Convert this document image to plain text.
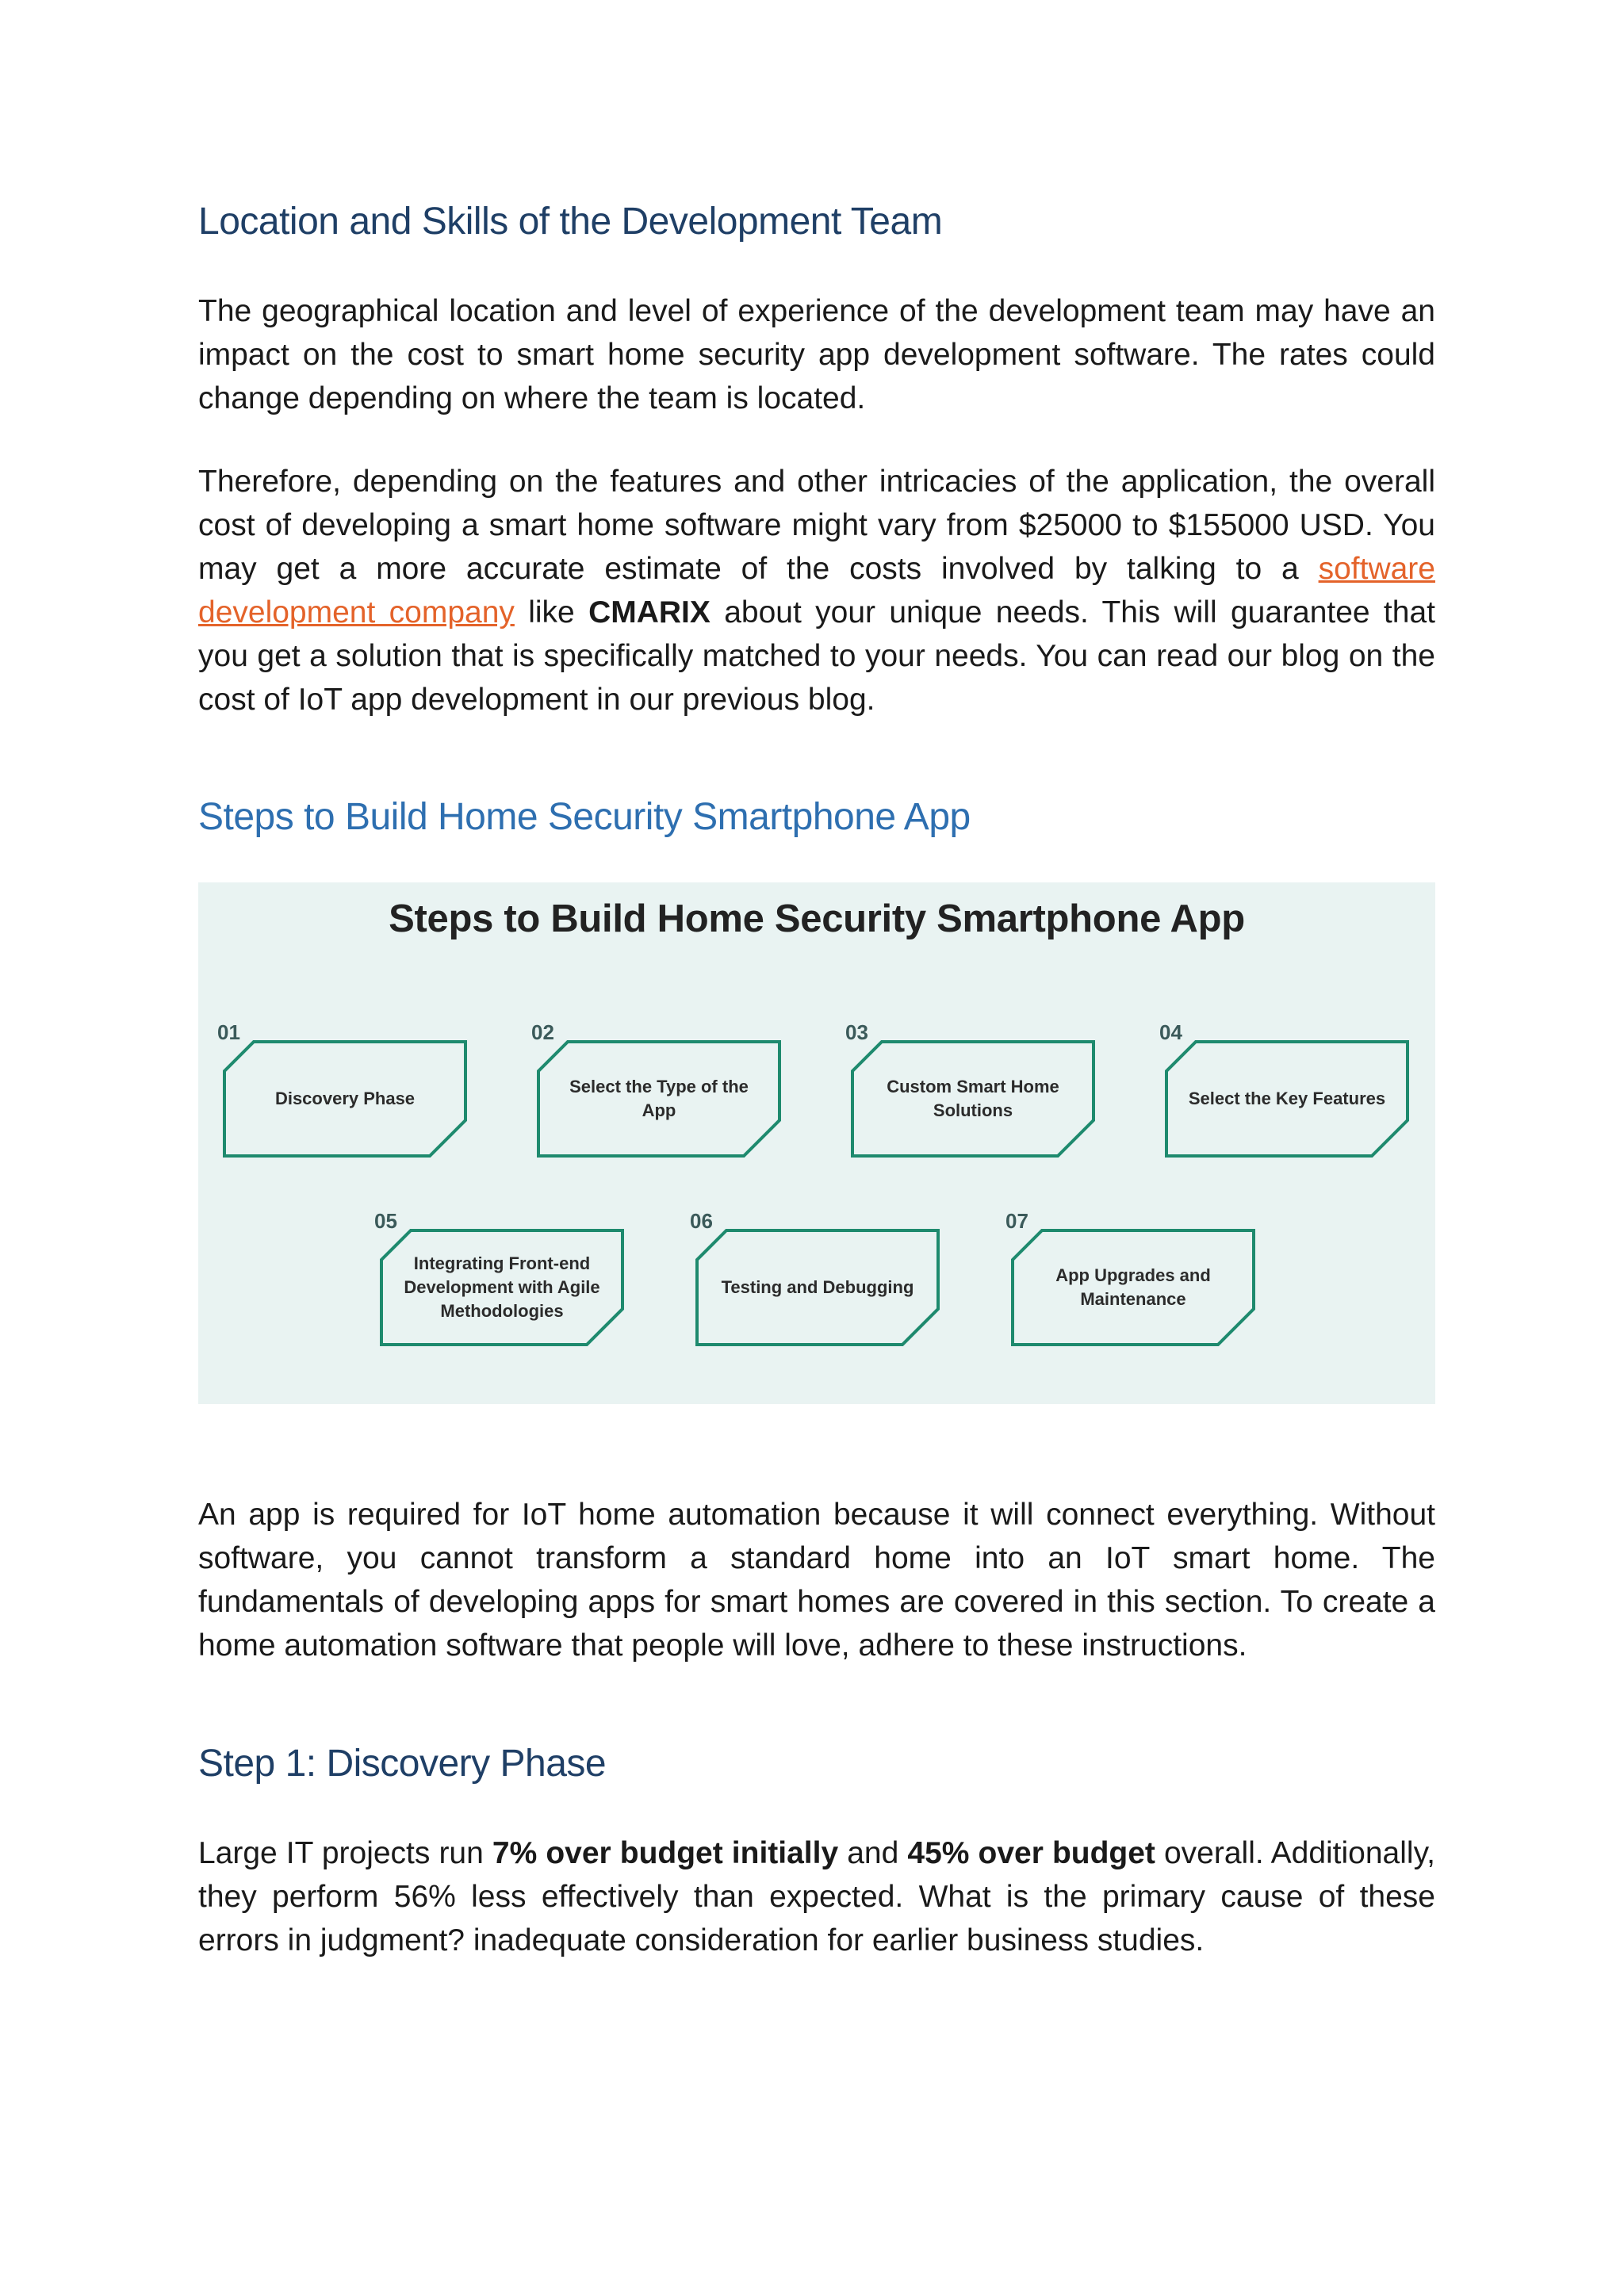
Location and Skills of the Development Team

The geographical location and level of experience of the development team may have an impact on the cost to smart home security app development software. The rates could change depending on where the team is located.

Therefore, depending on the features and other intricacies of the application, the overall cost of developing a smart home software might vary from $25000 to $155000 USD. You may get a more accurate estimate of the costs involved by talking to a software development company like CMARIX about your unique needs. This will guarantee that you get a solution that is specifically matched to your needs. You can read our blog on the cost of IoT app development in our previous blog.

Steps to Build Home Security Smartphone App
Steps to Build Home Security Smartphone App
01
Discovery Phase
02
Select the Type of the App
03
Custom Smart Home Solutions
04
Select the Key Features
05
Integrating Front-end Development with Agile Methodologies
06
Testing and Debugging
07
App Upgrades and Maintenance

An app is required for IoT home automation because it will connect everything. Without software, you cannot transform a standard home into an IoT smart home. The fundamentals of developing apps for smart homes are covered in this section. To create a home automation software that people will love, adhere to these instructions.

Step 1: Discovery Phase

Large IT projects run 7% over budget initially and 45% over budget overall. Additionally, they perform 56% less effectively than expected. What is the primary cause of these errors in judgment? inadequate consideration for earlier business studies.
